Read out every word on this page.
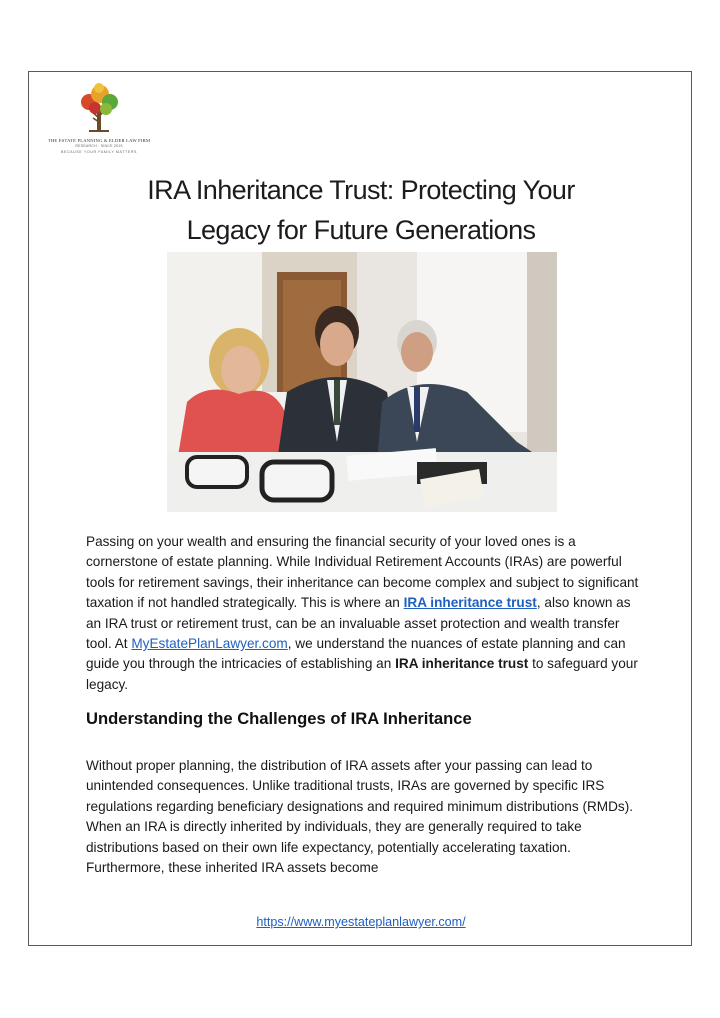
THE ESTATE PLANNING & ELDER LAW FIRM
RESEARCH · SINCE 2015
BECAUSE YOUR FAMILY MATTERS
IRA Inheritance Trust: Protecting Your
Legacy for Future Generations

Passing on your wealth and ensuring the financial security of your loved ones is a cornerstone of estate planning. While Individual Retirement Accounts (IRAs) are powerful tools for retirement savings, their inheritance can become complex and subject to significant taxation if not handled strategically. This is where an IRA inheritance trust, also known as an IRA trust or retirement trust, can be an invaluable asset protection and wealth transfer tool. At MyEstatePlanLawyer.com, we understand the nuances of estate planning and can guide you through the intricacies of establishing an IRA inheritance trust to safeguard your legacy.

Understanding the Challenges of IRA Inheritance

Without proper planning, the distribution of IRA assets after your passing can lead to unintended consequences. Unlike traditional trusts, IRAs are governed by specific IRS regulations regarding beneficiary designations and required minimum distributions (RMDs). When an IRA is directly inherited by individuals, they are generally required to take distributions based on their own life expectancy, potentially accelerating taxation. Furthermore, these inherited IRA assets become

https://www.myestateplanlawyer.com/
